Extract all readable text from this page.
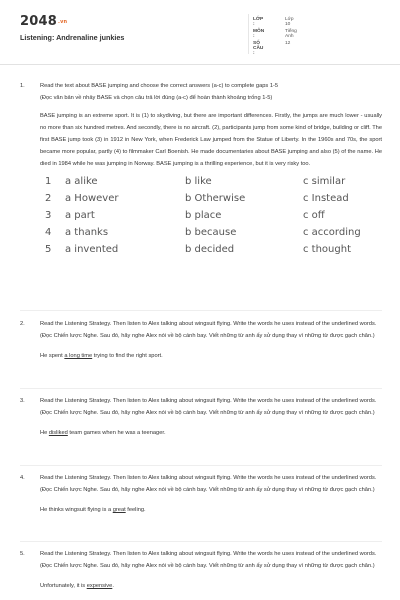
2048.vn
Listening: Andrenaline junkies
LỚP :
Lớp 10
MÔN :
Tiếng Anh
SỐ CÂU :
12
1.	Read the text about BASE jumping and choose the correct answers (a-c) to complete gaps 1-5
(Đọc văn bản về nhảy BASE và chọn câu trả lời đúng (a-c) để hoàn thành khoảng trống 1-5)

BASE jumping is an extreme sport. It is (1) to skydiving, but there are important differences. Firstly, the jumps are much lower - usually no more than six hundred metres. And secondly, there is no aircraft. (2), participants jump from some kind of bridge, building or cliff. The first BASE jump took (3) in 1912 in New York, when Frederick Law jumped from the Statue of Liberty. In the 1960s and 70s, the sport became more popular, partly (4) to filmmaker Carl Boenish. He made documentaries about BASE jumping and also (5) of the name. He died in 1984 while he was jumping in Norway. BASE jumping is a thrilling experience, but it is very risky too.

1 a alike	b like	c similar
2 a However	b Otherwise	c Instead
3 a part	b place	c off
4 a thanks	b because	c according
5 a invented	b decided	c thought
2.	Read the Listening Strategy. Then listen to Alex talking about wingsuit flying. Write the words he uses instead of the underlined words.
(Đọc Chiến lược Nghe. Sau đó, hãy nghe Alex nói về bộ cánh bay. Viết những từ anh ấy sử dụng thay vì những từ được gạch chân.)

He spent a long time trying to find the right sport.

3.	Read the Listening Strategy. Then listen to Alex talking about wingsuit flying. Write the words he uses instead of the underlined words.
(Đọc Chiến lược Nghe. Sau đó, hãy nghe Alex nói về bộ cánh bay. Viết những từ anh ấy sử dụng thay vì những từ được gạch chân.)

He disliked team games when he was a teenager.

4.	Read the Listening Strategy. Then listen to Alex talking about wingsuit flying. Write the words he uses instead of the underlined words.
(Đọc Chiến lược Nghe. Sau đó, hãy nghe Alex nói về bộ cánh bay. Viết những từ anh ấy sử dụng thay vì những từ được gạch chân.)

He thinks wingsuit flying is a great feeling.

5.	Read the Listening Strategy. Then listen to Alex talking about wingsuit flying. Write the words he uses instead of the underlined words.
(Đọc Chiến lược Nghe. Sau đó, hãy nghe Alex nói về bộ cánh bay. Viết những từ anh ấy sử dụng thay vì những từ được gạch chân.)

Unfortunately, it is expensive.
